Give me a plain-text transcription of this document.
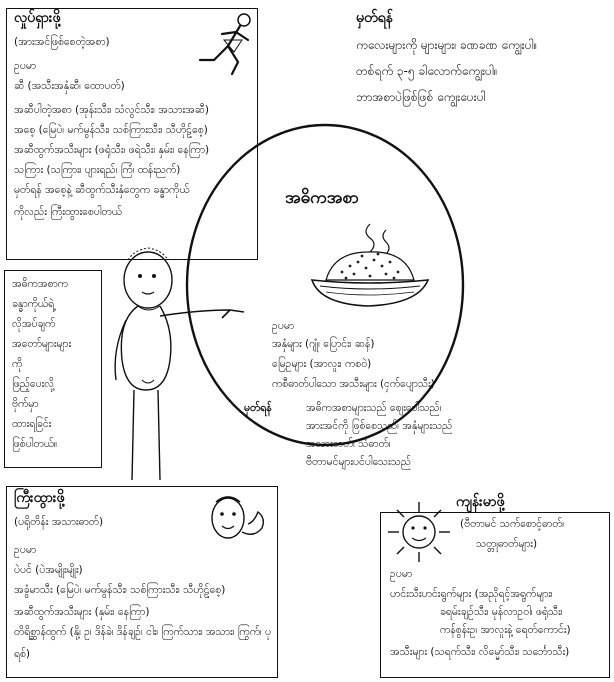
လှုပ်ရှားဖို့
(အားအင်ဖြစ်စေတဲ့အစာ)
ဥပမာ
ဆီ (အသီးအနှံဆီ၊ ထောပတ်)
အဆီပါတဲ့အစာ (အုန်းသီး၊ သံလွင်သီး၊ အသားအဆီ)
အစေ့ (မြေပဲ၊ မက်မွန်သီး၊ သစ်ကြားသီး၊ သီဟိုဠ်စေ့)
အဆီထွက်အသီးများ (ဖရုံသီး၊ ဖရဲသီး၊ နှမ်း၊ နေကြာ)
သကြား (သကြား၊ ပျားရည်၊ ကြံ၊ ထန်းညက်)
မှတ်ရန် အစေ့နဲ့ ဆီထွက်သီးနှံတွေက ခန္ဓာကိုယ်
ကိုလည်း ကြီးထွားစေပါတယ်
မှတ်ရန်
ကလေးများကို များများ၊ ခဏခဏ ကျွေးပါ။
တစ်ရက် ၃-၅ ခါလောက်ကျွေးပါ။
ဘာအစာပဲဖြစ်ဖြစ် ကျွေးပေးပါ
အဓိကအစာ
ဥပမာ
အနှံများ (ဂျုံ၊ ပြောင်း၊ ဆန်)
မြေဥများ (အာလူး၊ ကစ၀ဲ)
ကစီဓာတ်ပါသော အသီးများ (ငှက်ပျောသီး)
မှတ်ရန်	အဓိကအစာများသည် စျေးပေါသည်၊
အားအင်ကို ဖြစ်စေသည်၊ အနှံများသည်
အသားဓာတ်၊ သံဓာတ်၊
ဗီတာမင်များပင်ပါသေးသည်
အဓိကအစာက
ခန္ဓာကိုယ်ရဲ့
လိုအပ်ချက်
အတော်များများ
ကို
ဖြည့်ပေးလို့
ဗိုက်မှာ
ထားရခြင်း
ဖြစ်ပါတယ်။
ကြီးထွားဖို့
(ပရိုတိန်း အသားဓာတ်)
ဥပမာ
ပဲပင် (ပဲအမျိုးမျိုး)
အခွံမာသီး (မြေပဲ၊ မက်မွန်သီး၊ သစ်ကြားသီး၊ သီဟိုဠ်စေ့)
အဆီထွက်အသီးများ (နှမ်း၊ နေကြာ)
တိရိစ္ဆာန်ထွက် (နို့၊ ဥ၊ ဒိန်ခဲ၊ ဒိန်ချဉ်၊ ငါး၊ ကြက်သား၊ အသား၊ ကြွက်၊ ပု
ရစ်)
ကျန်းမာဖို့
(ဗီတာမင် သက်စောင့်ဓာတ်၊
သတ္တုဓာတ်များ)
ဥပမာ
ဟင်းသီးဟင်းရွက်များ (အညိုရင့်အရွက်များ၊
ခရမ်းချဉ်သီး၊ မုန်လာဥ၀ါ၊ ဖရုံသီး၊
ကန်စွန်းဥ၊ အာလူးနဲ့ ရေတ်ကောင်း)
အသီးများ (သရက်သီး၊ လိမ္မော်သီး၊ သင်္ဘောသီး)
